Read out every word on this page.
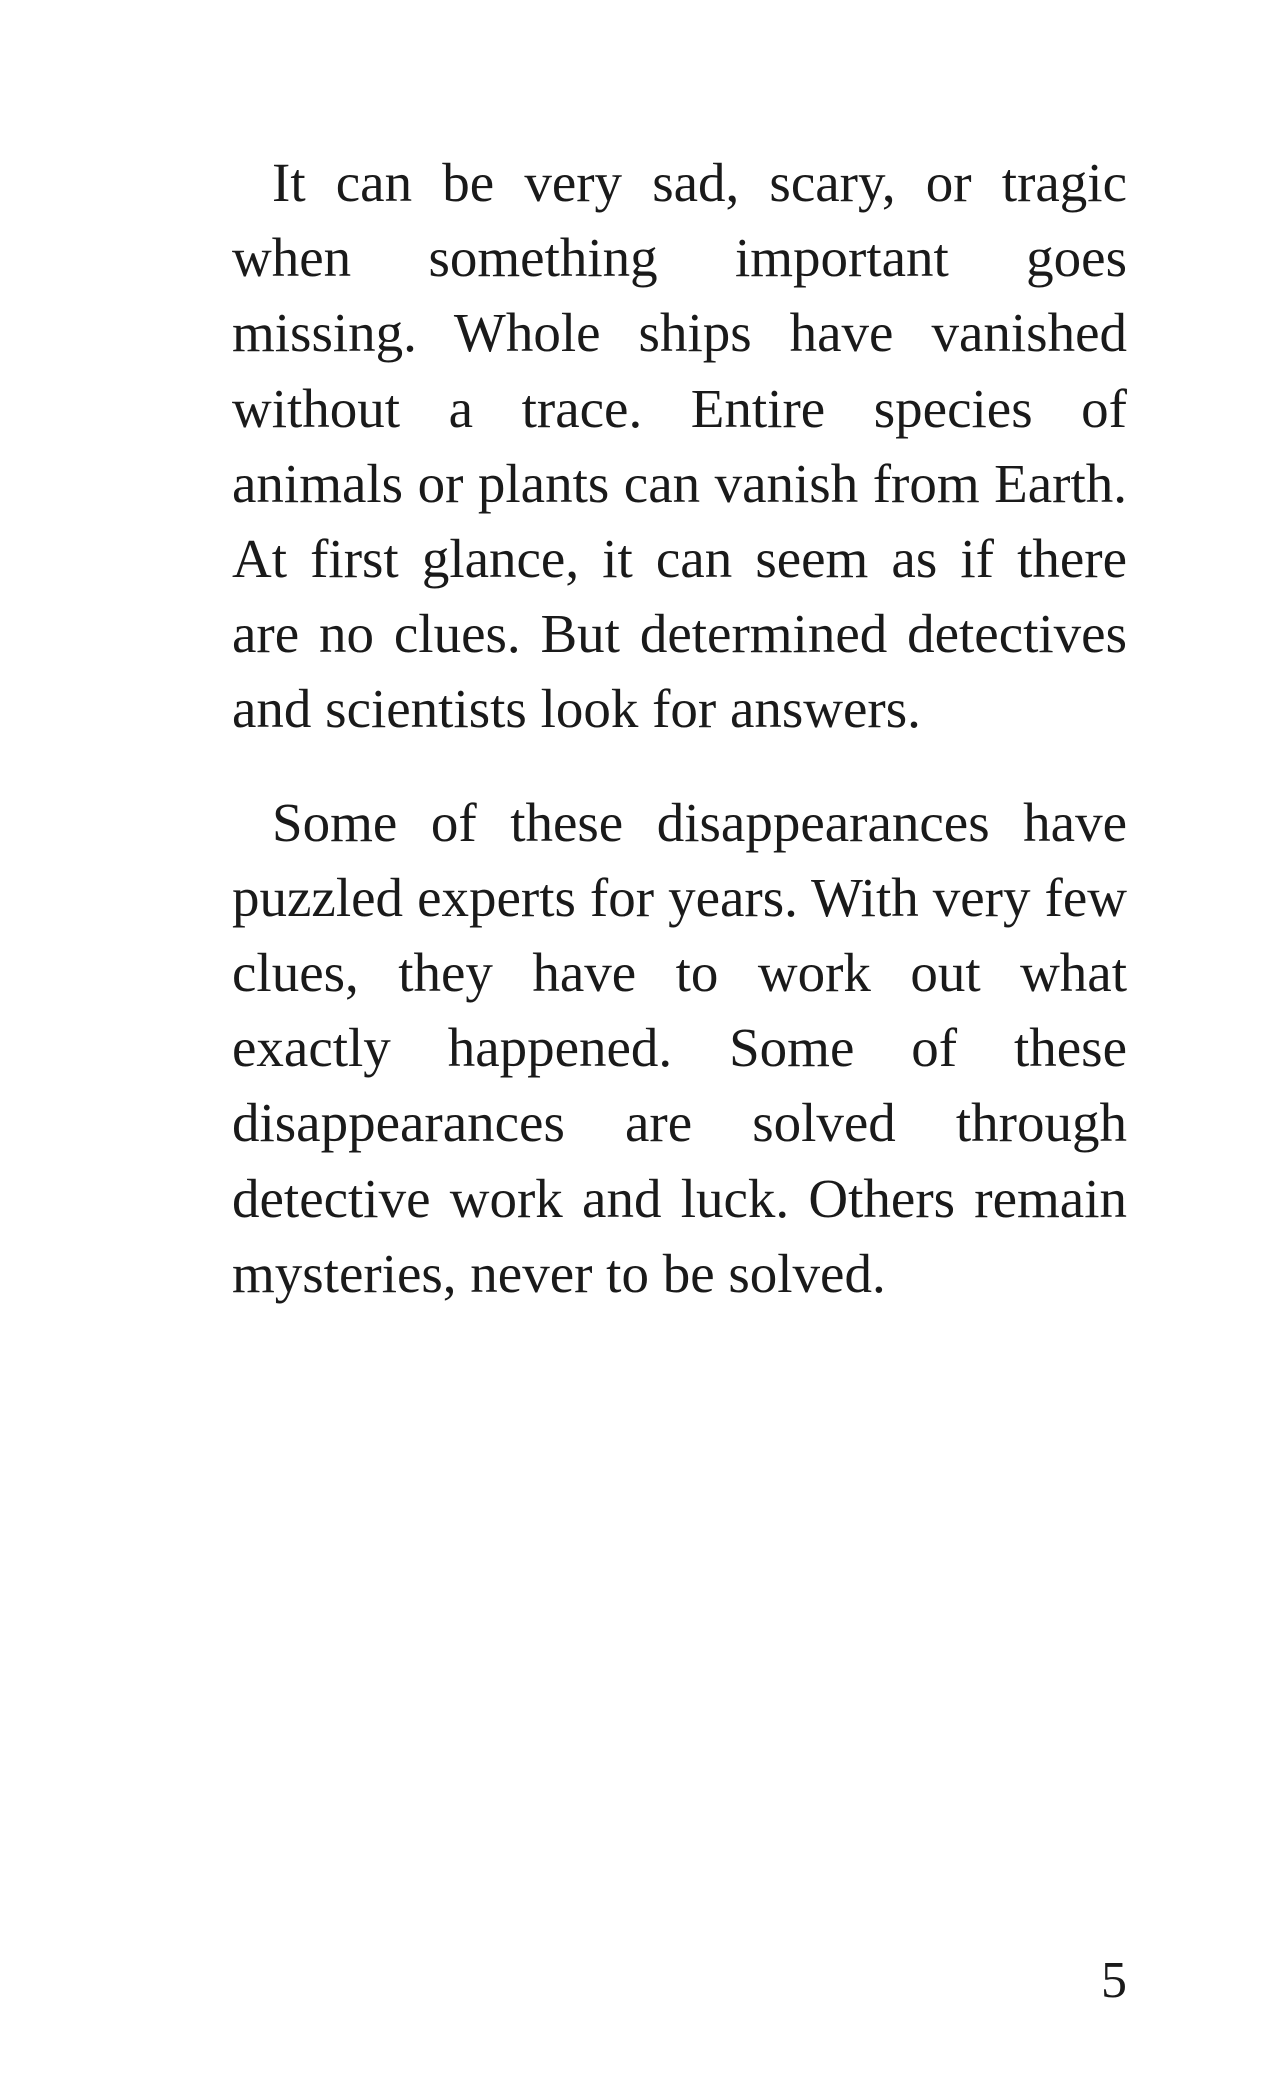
It can be very sad, scary, or tragic when something important goes missing. Whole ships have vanished without a trace. Entire species of animals or plants can vanish from Earth. At first glance, it can seem as if there are no clues. But determined detectives and scientists look for answers.

Some of these disappearances have puzzled experts for years. With very few clues, they have to work out what exactly happened. Some of these disappearances are solved through detective work and luck. Others remain mysteries, never to be solved.

5
